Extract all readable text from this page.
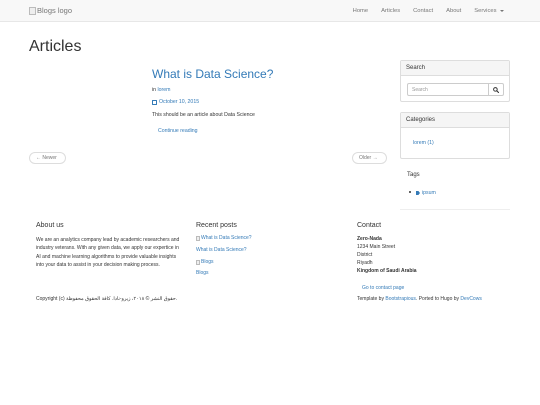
Blogs logo	Home	Articles	Contact	About	Services
Articles
What is Data Science?
in lorem
October 10, 2015

This should be an article about Data Science

Continue reading
← Newer	Older →
Search
Search
Categories
lorem (1)
Tags
ipsum
About us

We are an analytics company lead by academic researchers and industry veterans. With any given data, we apply our expertice in AI and machine learning algorithms to provide valuable insights into your data to assist in your decision making process.

Recent posts
What is Data Science?
What is Data Science?
Blogs
Blogs
Contact
Zero-Nada
1234 Main Street
District
Riyadh
Kingdom of Saudi Arabia
Go to contact page
Copyright (c) حقوق النشر © ٢٠١٨، زيرو-نادا. كافة الحقوق محفوظة.	Template by Bootstrapious. Ported to Hugo by DevCows
